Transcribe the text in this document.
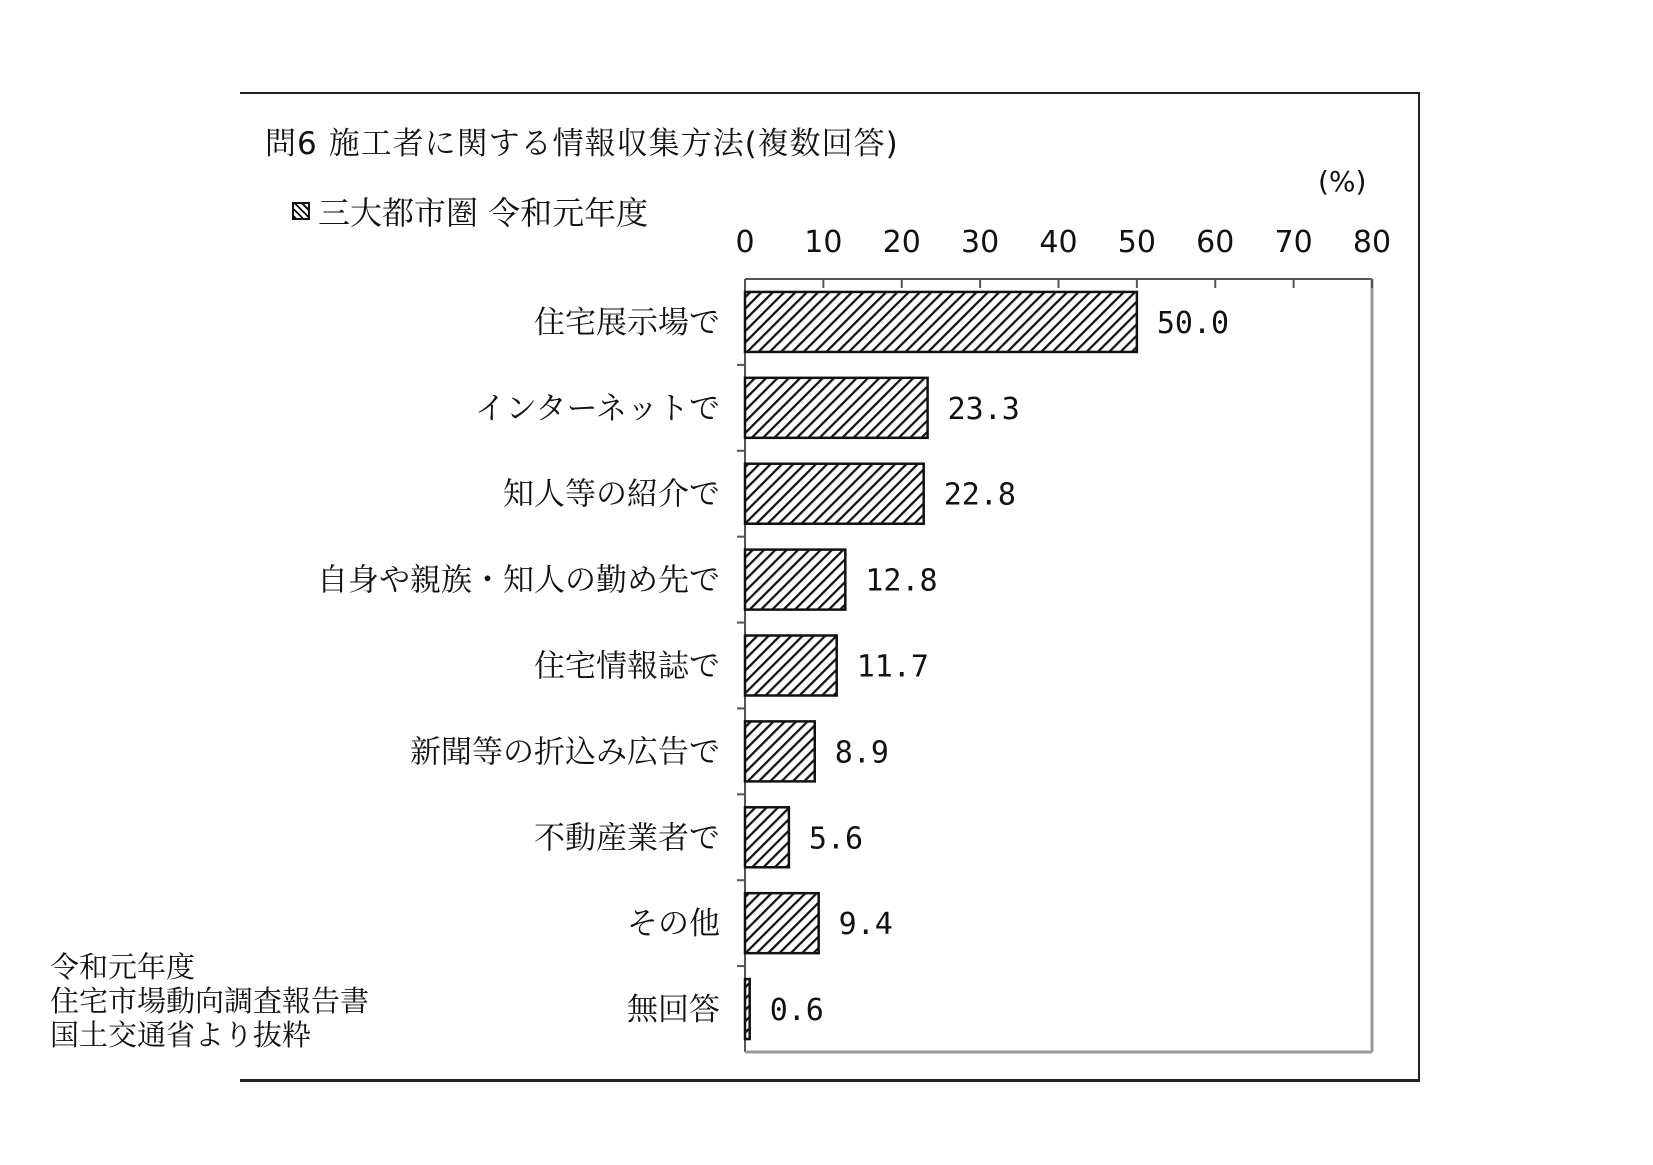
問6 施工者に関する情報収集方法(複数回答)
三大都市圏 令和元年度
(%)
0 10 20 30 40 50 60 70 80
住宅展示場で	50.0
インターネットで	23.3
知人等の紹介で	22.8
自身や親族・知人の勤め先で	12.8
住宅情報誌で	11.7
新聞等の折込み広告で	8.9
不動産業者で	5.6
その他	9.4
無回答 0.6
令和元年度
住宅市場動向調査報告書
国土交通省より抜粋
